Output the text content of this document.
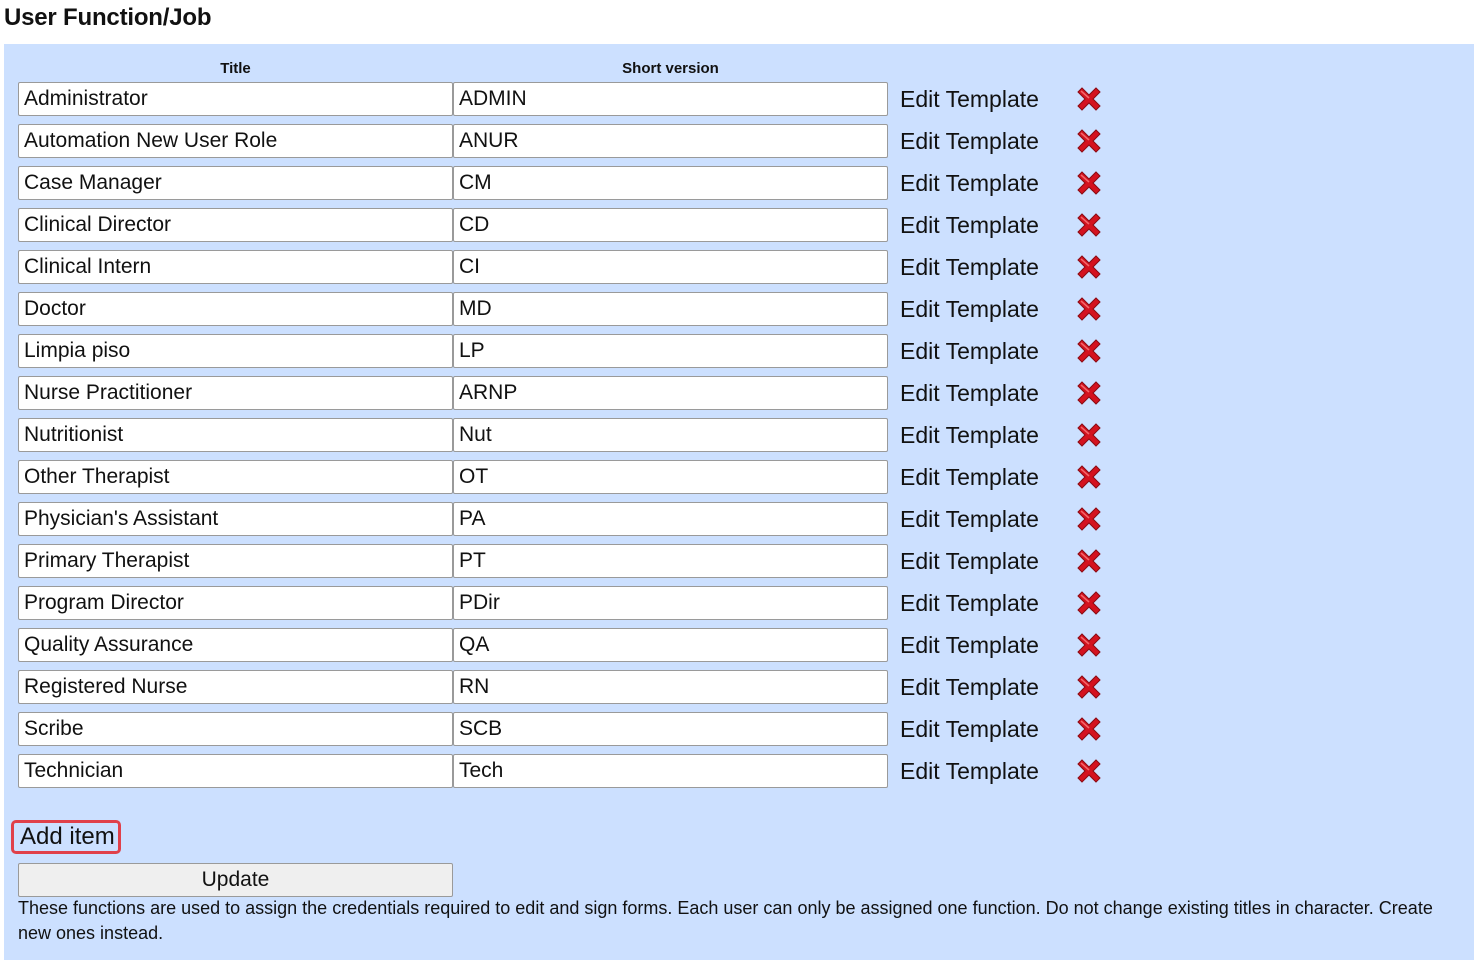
User Function/Job
Title	Short version
Administrator
ADMIN
Edit Template
Automation New User Role
ANUR
Edit Template
Case Manager
CM
Edit Template
Clinical Director
CD
Edit Template
Clinical Intern
CI
Edit Template
Doctor
MD
Edit Template
Limpia piso
LP
Edit Template
Nurse Practitioner
ARNP
Edit Template
Nutritionist
Nut
Edit Template
Other Therapist
OT
Edit Template
Physician's Assistant
PA
Edit Template
Primary Therapist
PT
Edit Template
Program Director
PDir
Edit Template
Quality Assurance
QA
Edit Template
Registered Nurse
RN
Edit Template
Scribe
SCB
Edit Template
Technician
Tech
Edit Template
Add item
Update
These functions are used to assign the credentials required to edit and sign forms. Each user can only be assigned one function. Do not change existing titles in character. Create new ones instead.
